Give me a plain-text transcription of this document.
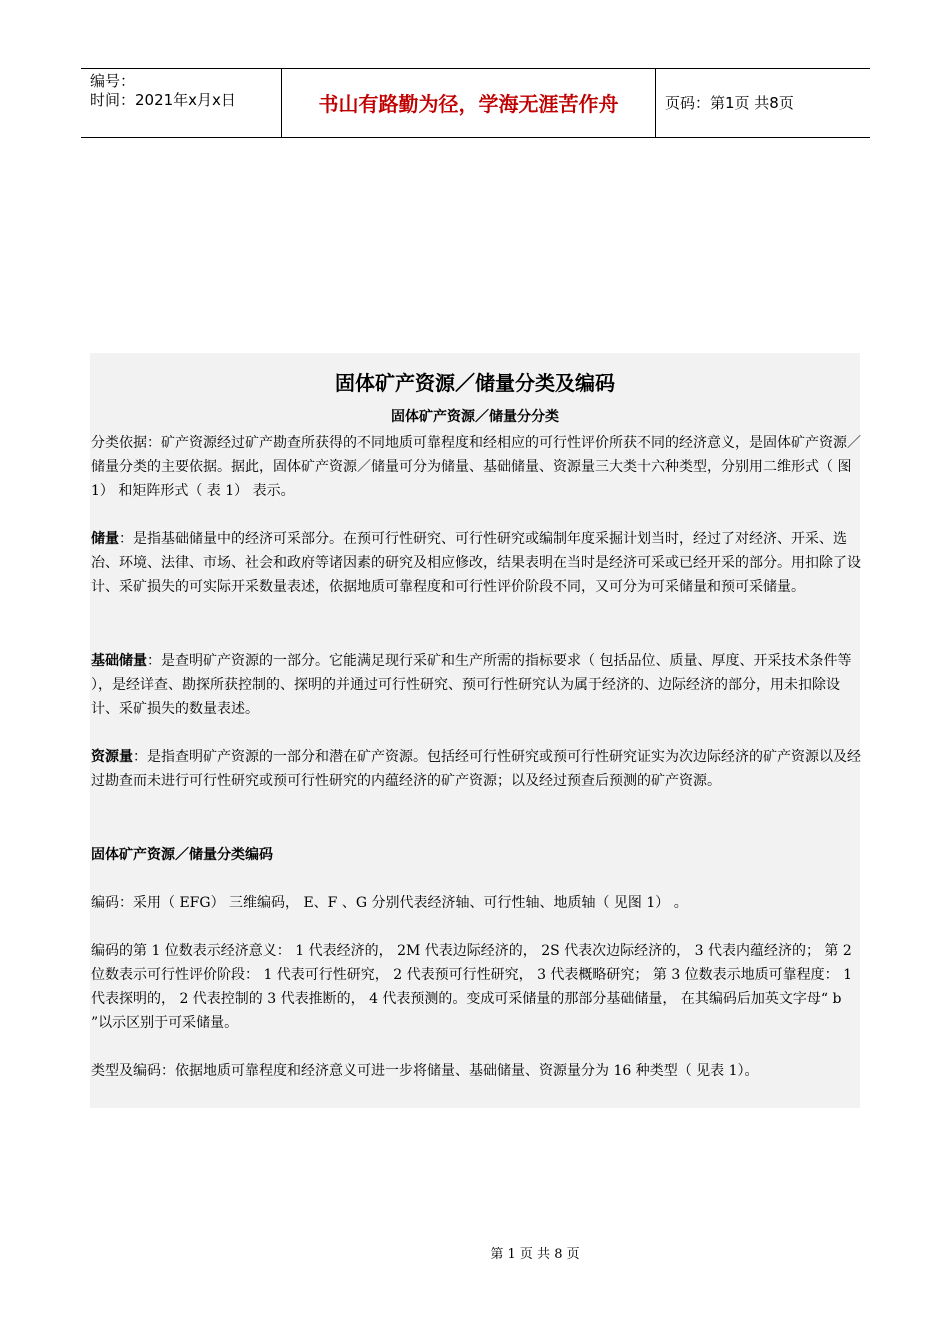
编号：
时间：2021年x月x日	书山有路勤为径，学海无涯苦作舟	页码：第1页 共8页
固体矿产资源／储量分类及编码
固体矿产资源／储量分分类
分类依据：矿产资源经过矿产勘查所获得的不同地质可靠程度和经相应的可行性评价所获不同的经济意义，是固体矿产资源／储量分类的主要依据。据此，固体矿产资源／储量可分为储量、基础储量、资源量三大类十六种类型，分别用二维形式（ 图 1） 和矩阵形式（ 表 1） 表示。
储量：是指基础储量中的经济可采部分。在预可行性研究、可行性研究或编制年度采掘计划当时，经过了对经济、开采、选冶、环境、法律、市场、社会和政府等诸因素的研究及相应修改，结果表明在当时是经济可采或已经开采的部分。用扣除了设计、采矿损失的可实际开采数量表述，依据地质可靠程度和可行性评价阶段不同，又可分为可采储量和预可采储量。
基础储量：是查明矿产资源的一部分。它能满足现行采矿和生产所需的指标要求（ 包括品位、质量、厚度、开采技术条件等 ），是经详查、勘探所获控制的、探明的并通过可行性研究、预可行性研究认为属于经济的、边际经济的部分，用未扣除设计、采矿损失的数量表述。
资源量：是指查明矿产资源的一部分和潜在矿产资源。包括经可行性研究或预可行性研究证实为次边际经济的矿产资源以及经过勘查而未进行可行性研究或预可行性研究的内蕴经济的矿产资源；以及经过预查后预测的矿产资源。
固体矿产资源／储量分类编码
编码：采用（ EFG） 三维编码， E、F 、G 分别代表经济轴、可行性轴、地质轴（ 见图 1） 。
编码的第 1 位数表示经济意义： 1 代表经济的， 2M 代表边际经济的， 2S 代表次边际经济的， 3 代表内蕴经济的； 第 2 位数表示可行性评价阶段： 1 代表可行性研究， 2 代表预可行性研究， 3 代表概略研究； 第 3 位数表示地质可靠程度： 1 代表探明的， 2 代表控制的 3 代表推断的， 4 代表预测的。变成可采储量的那部分基础储量， 在其编码后加英文字母“ b ”以示区别于可采储量。
类型及编码：依据地质可靠程度和经济意义可进一步将储量、基础储量、资源量分为 16 种类型（ 见表 1）。
第 1 页 共 8 页
